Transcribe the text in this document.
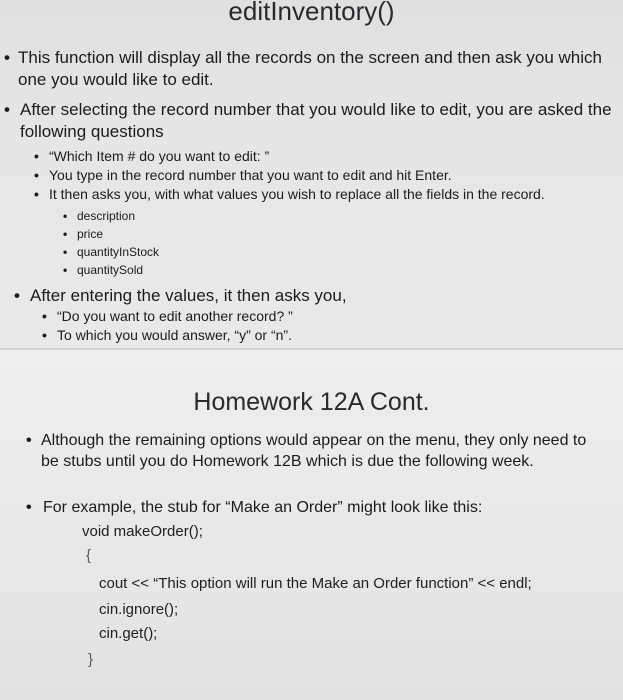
editInventory()
• This function will display all the records on the screen and then ask you which one you would like to edit.
• After selecting the record number that you would like to edit, you are asked the following questions
• “Which Item # do you want to edit: ”
• You type in the record number that you want to edit and hit Enter.
• It then asks you, with what values you wish to replace all the fields in the record.
• description
• price
• quantityInStock
• quantitySold
• After entering the values, it then asks you,
• “Do you want to edit another record? ”
• To which you would answer, “y” or “n”.
Homework 12A Cont.
• Although the remaining options would appear on the menu, they only need to be stubs until you do Homework 12B which is due the following week.
• For example, the stub for “Make an Order” might look like this:
void makeOrder();
{
cout << “This option will run the Make an Order function” << endl;
cin.ignore();
cin.get();
}
